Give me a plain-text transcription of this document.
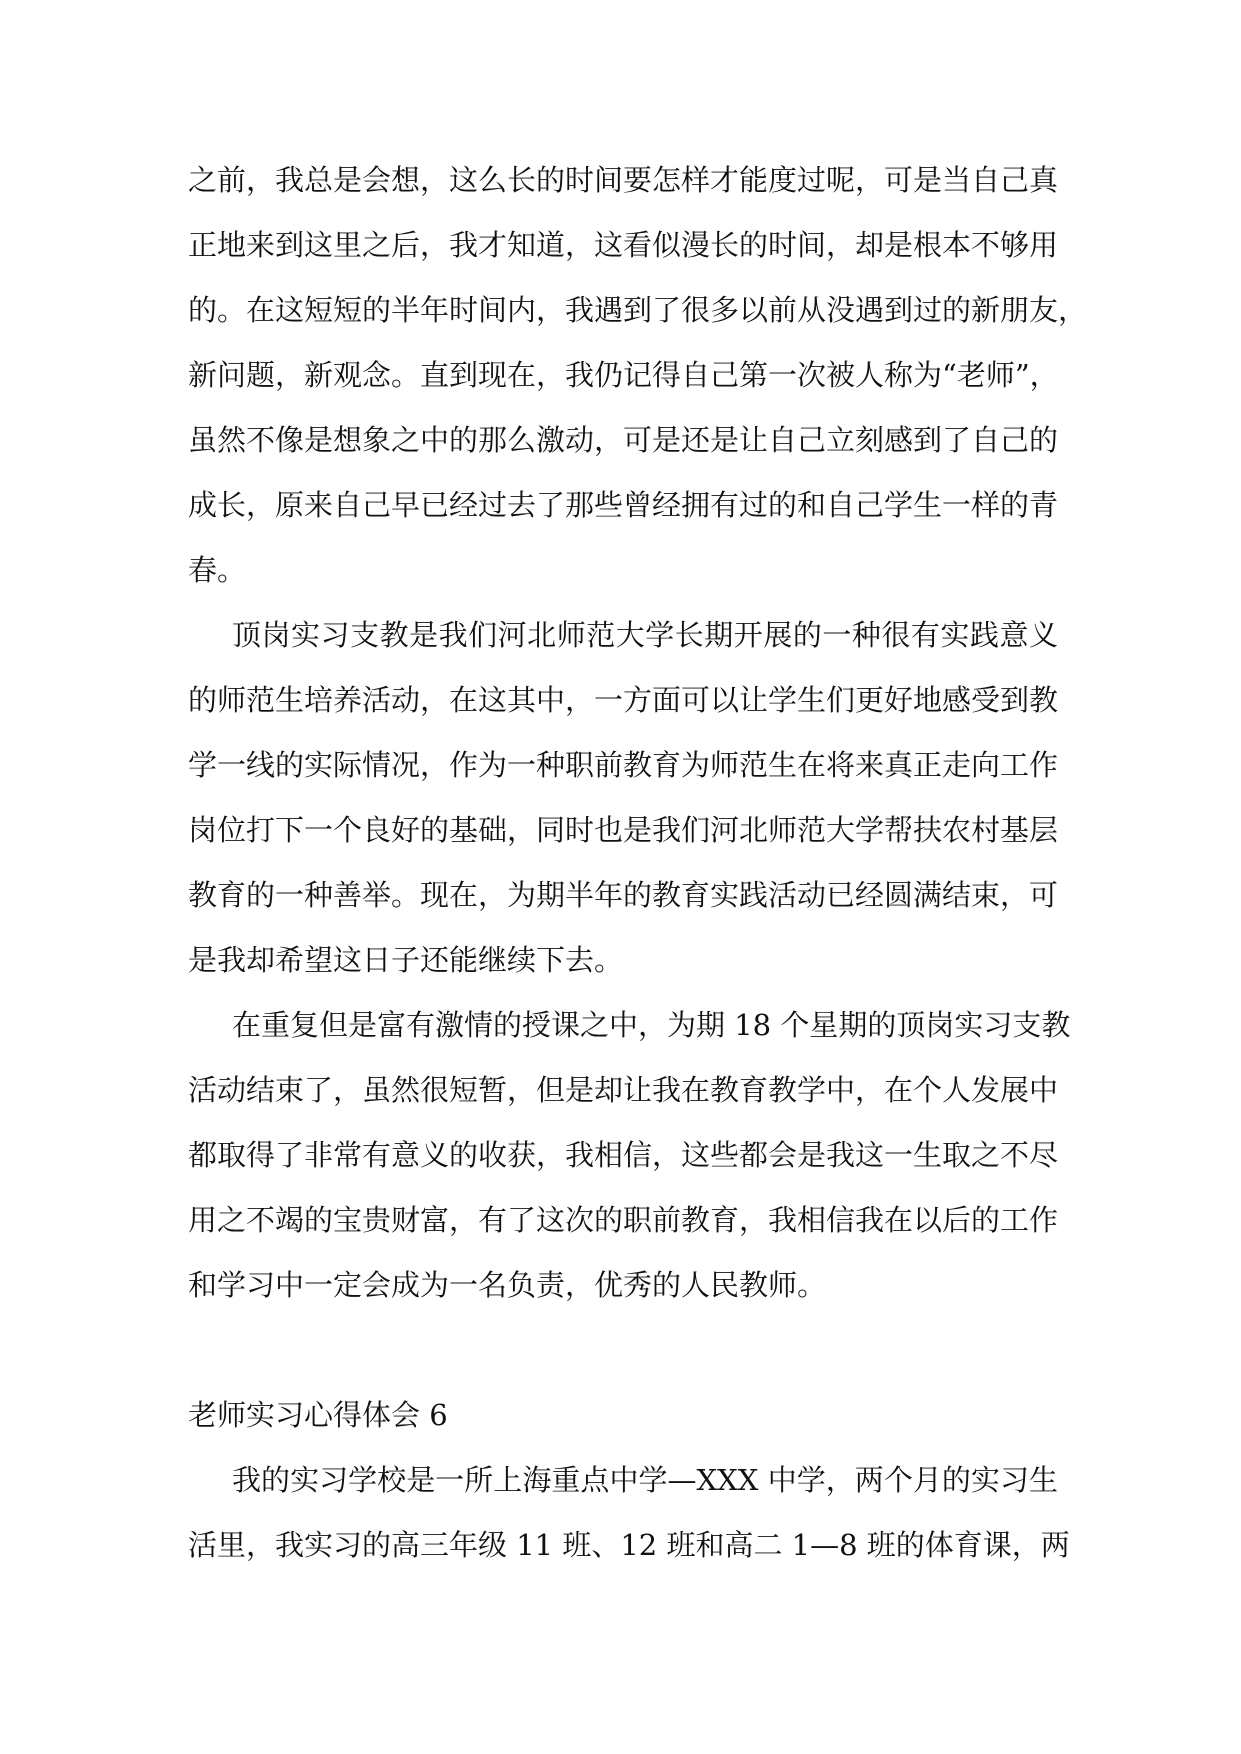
之前，我总是会想，这么长的时间要怎样才能度过呢，可是当自己真
正地来到这里之后，我才知道，这看似漫长的时间，却是根本不够用
的。在这短短的半年时间内，我遇到了很多以前从没遇到过的新朋友，
新问题，新观念。直到现在，我仍记得自己第一次被人称为“老师”，
虽然不像是想象之中的那么激动，可是还是让自己立刻感到了自己的
成长，原来自己早已经过去了那些曾经拥有过的和自己学生一样的青
春。
顶岗实习支教是我们河北师范大学长期开展的一种很有实践意义
的师范生培养活动，在这其中，一方面可以让学生们更好地感受到教
学一线的实际情况，作为一种职前教育为师范生在将来真正走向工作
岗位打下一个良好的基础，同时也是我们河北师范大学帮扶农村基层
教育的一种善举。现在，为期半年的教育实践活动已经圆满结束，可
是我却希望这日子还能继续下去。
在重复但是富有激情的授课之中，为期 18 个星期的顶岗实习支教
活动结束了，虽然很短暂，但是却让我在教育教学中，在个人发展中
都取得了非常有意义的收获，我相信，这些都会是我这一生取之不尽
用之不竭的宝贵财富，有了这次的职前教育，我相信我在以后的工作
和学习中一定会成为一名负责，优秀的人民教师。
老师实习心得体会 6
我的实习学校是一所上海重点中学—XXX 中学，两个月的实习生
活里，我实习的高三年级 11 班、12 班和高二 1—8 班的体育课，两
